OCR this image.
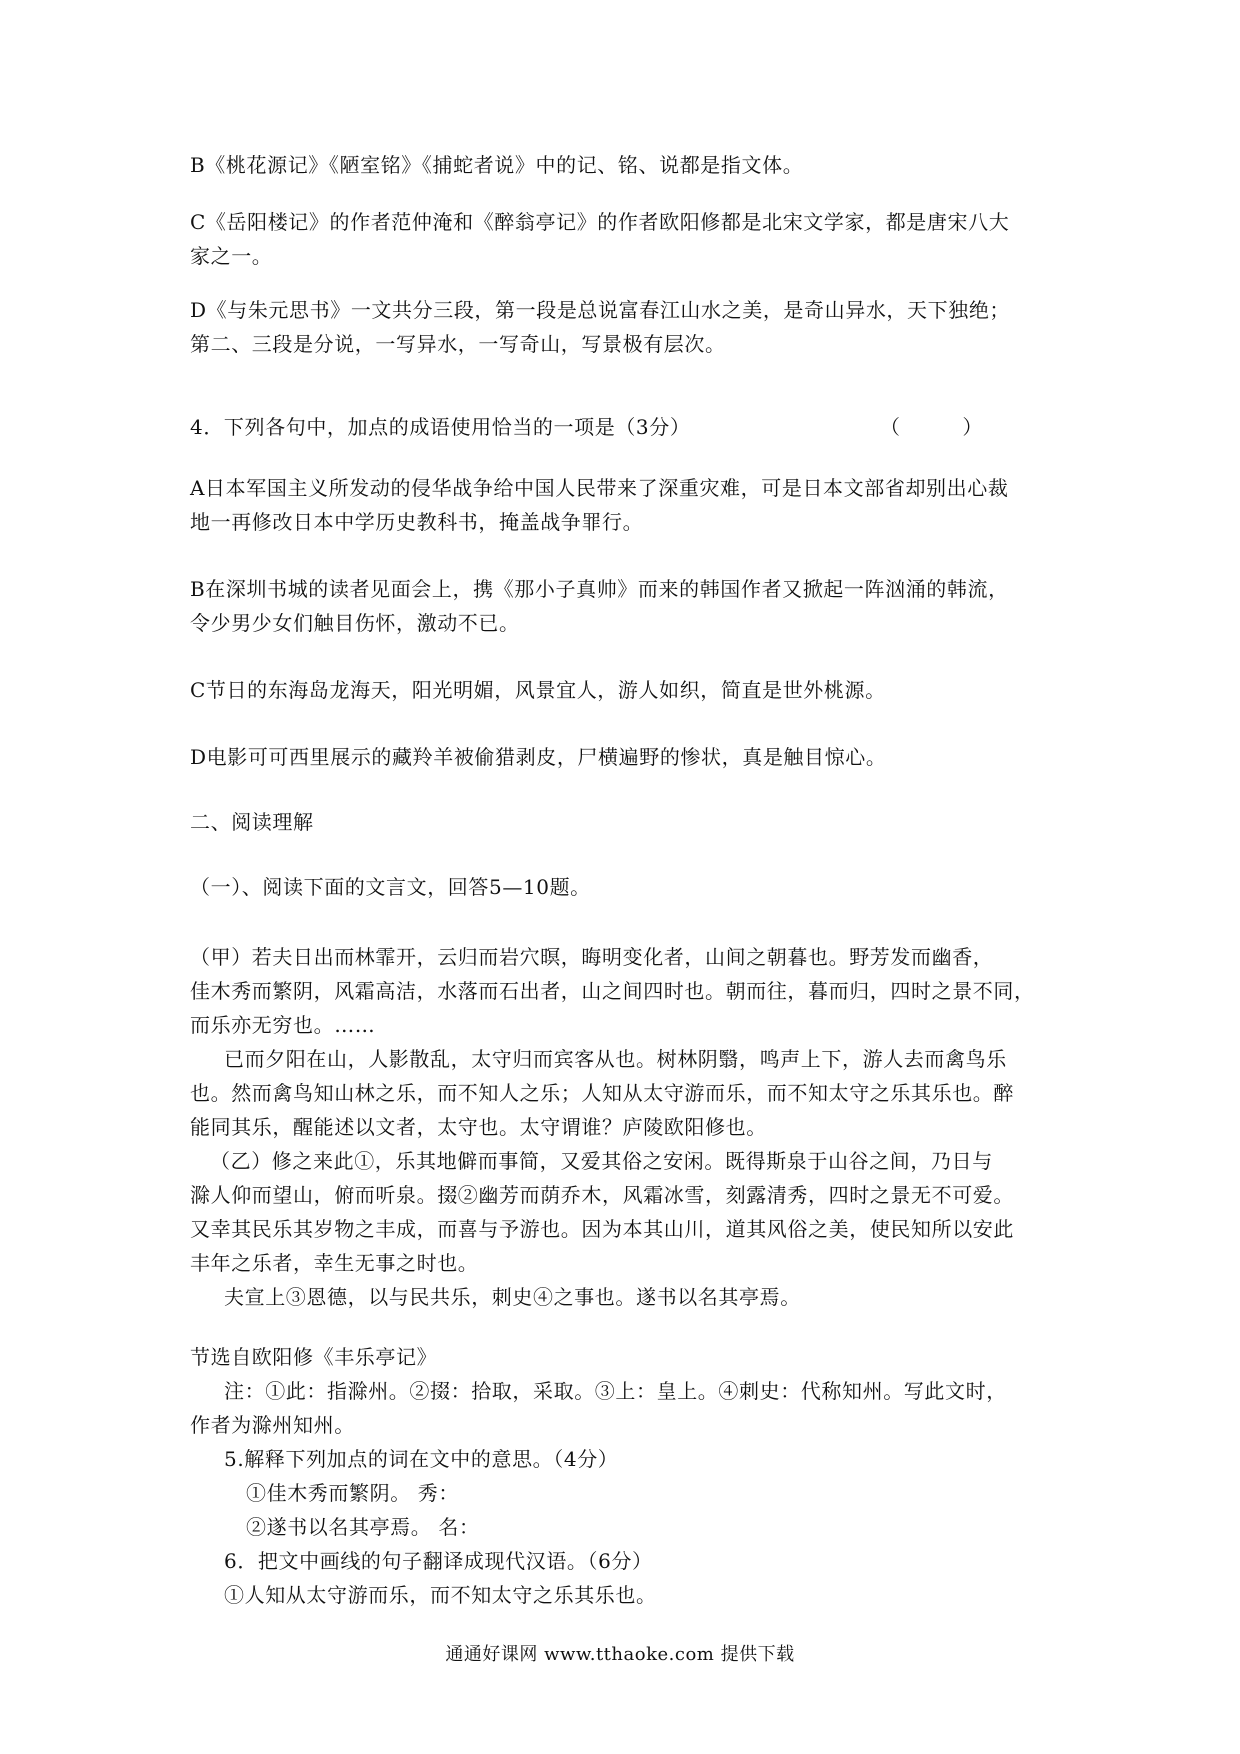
B《桃花源记》《陋室铭》《捕蛇者说》中的记、铭、说都是指文体。
C《岳阳楼记》的作者范仲淹和《醉翁亭记》的作者欧阳修都是北宋文学家，都是唐宋八大
家之一。
D《与朱元思书》一文共分三段，第一段是总说富春江山水之美，是奇山异水，天下独绝；
第二、三段是分说，一写异水，一写奇山，写景极有层次。
4．下列各句中，加点的成语使用恰当的一项是（3分）	（　　　）
A日本军国主义所发动的侵华战争给中国人民带来了深重灾难，可是日本文部省却别出心裁
地一再修改日本中学历史教科书，掩盖战争罪行。
B在深圳书城的读者见面会上，携《那小子真帅》而来的韩国作者又掀起一阵汹涌的韩流，
令少男少女们触目伤怀，激动不已。
C节日的东海岛龙海天，阳光明媚，风景宜人，游人如织，简直是世外桃源。
D电影可可西里展示的藏羚羊被偷猎剥皮，尸横遍野的惨状，真是触目惊心。
二、阅读理解
（一）、阅读下面的文言文，回答5—10题。
（甲）若夫日出而林霏开，云归而岩穴暝，晦明变化者，山间之朝暮也。野芳发而幽香，
佳木秀而繁阴，风霜高洁，水落而石出者，山之间四时也。朝而往，暮而归，四时之景不同，
而乐亦无穷也。……
已而夕阳在山，人影散乱，太守归而宾客从也。树林阴翳，鸣声上下，游人去而禽鸟乐
也。然而禽鸟知山林之乐，而不知人之乐；人知从太守游而乐，而不知太守之乐其乐也。醉
能同其乐，醒能述以文者，太守也。太守谓谁？庐陵欧阳修也。
（乙）修之来此①，乐其地僻而事简，又爱其俗之安闲。既得斯泉于山谷之间，乃日与
滁人仰而望山，俯而听泉。掇②幽芳而荫乔木，风霜冰雪，刻露清秀，四时之景无不可爱。
又幸其民乐其岁物之丰成，而喜与予游也。因为本其山川，道其风俗之美，使民知所以安此
丰年之乐者，幸生无事之时也。
夫宣上③恩德，以与民共乐，刺史④之事也。遂书以名其亭焉。
节选自欧阳修《丰乐亭记》
注：①此：指滁州。②掇：拾取，采取。③上：皇上。④刺史：代称知州。写此文时，
作者为滁州知州。
5.解释下列加点的词在文中的意思。（4分）
①佳木秀而繁阴。 秀：
②遂书以名其亭焉。 名：
6．把文中画线的句子翻译成现代汉语。（6分）
①人知从太守游而乐，而不知太守之乐其乐也。
通通好课网 www.tthaoke.com 提供下载
